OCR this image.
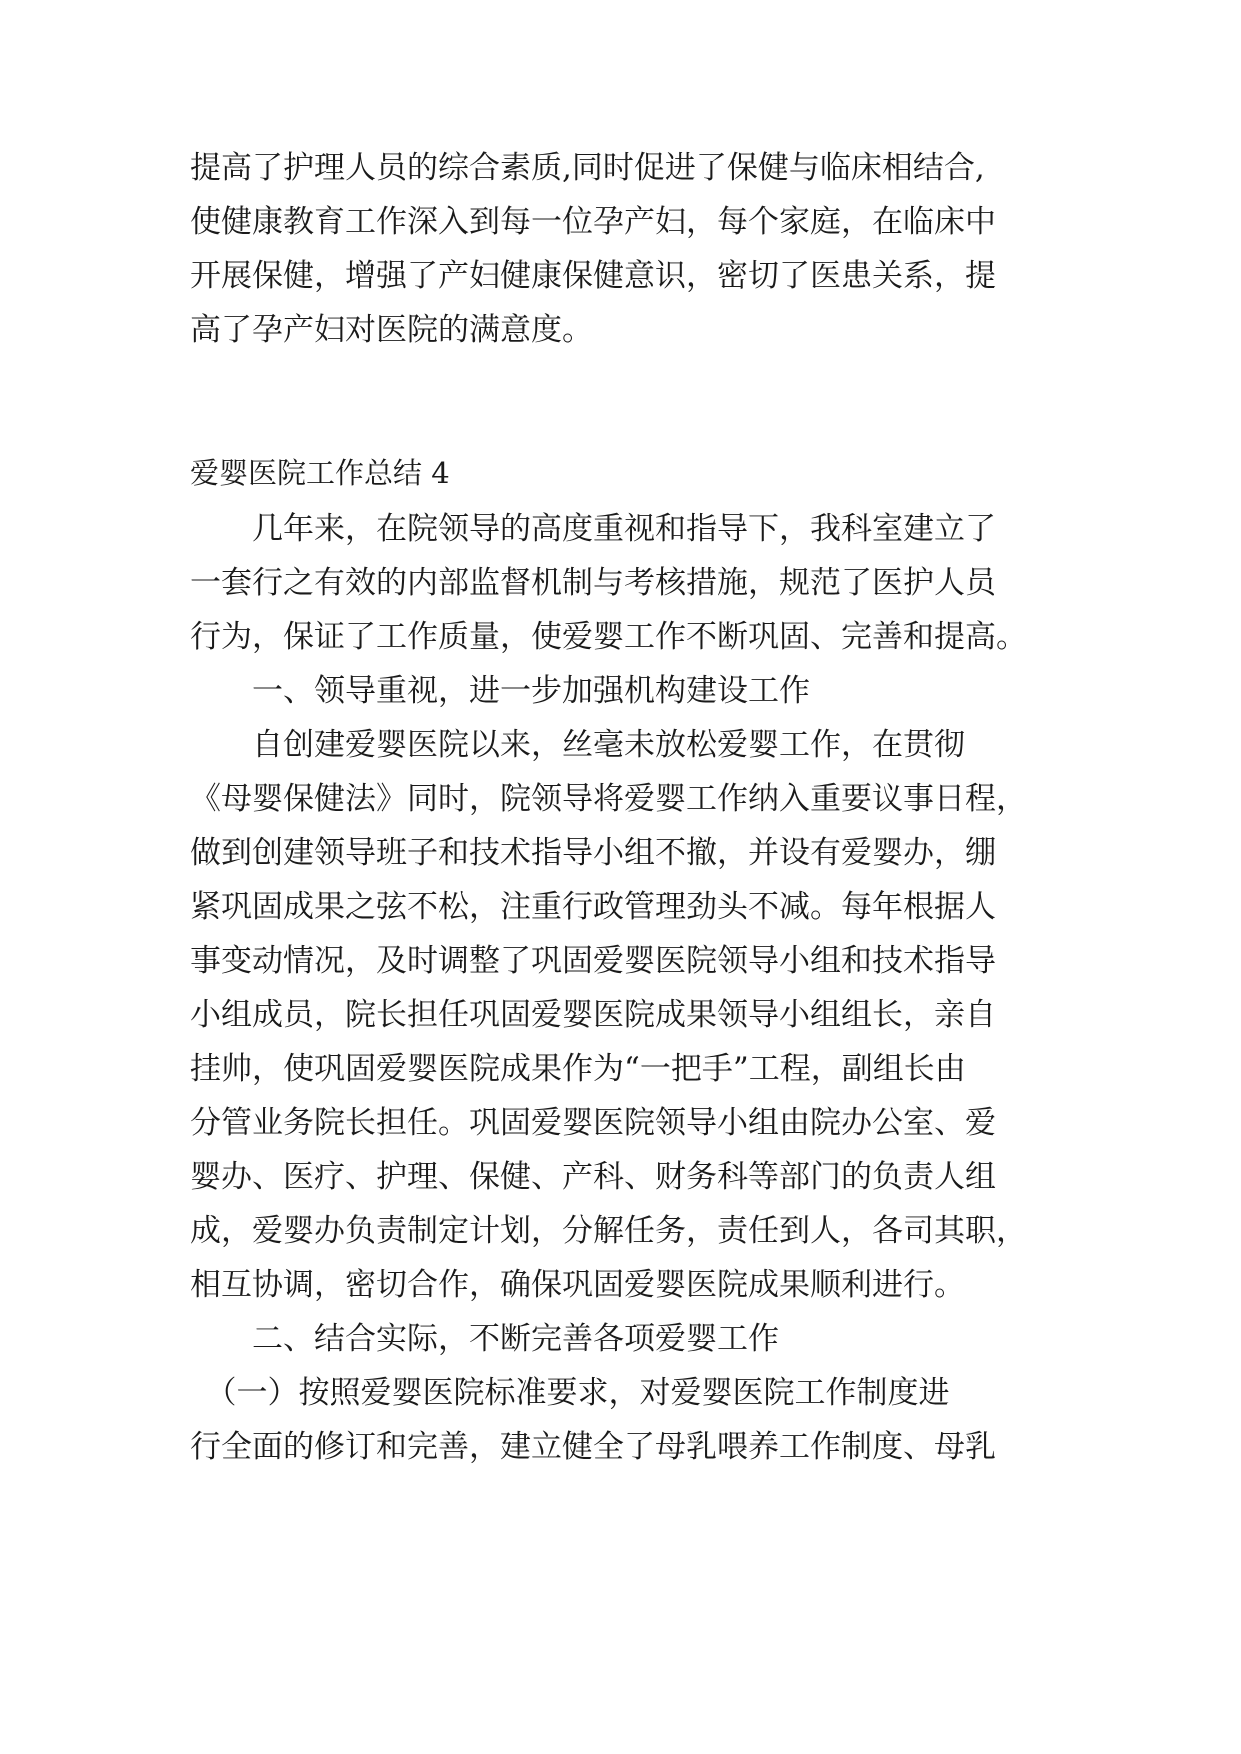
提高了护理人员的综合素质,同时促进了保健与临床相结合,
使健康教育工作深入到每一位孕产妇，每个家庭，在临床中
开展保健，增强了产妇健康保健意识，密切了医患关系，提
高了孕产妇对医院的满意度。
爱婴医院工作总结 4
　　几年来，在院领导的高度重视和指导下，我科室建立了
一套行之有效的内部监督机制与考核措施，规范了医护人员
行为，保证了工作质量，使爱婴工作不断巩固、完善和提高。
　　一、领导重视，进一步加强机构建设工作
　　自创建爱婴医院以来，丝毫未放松爱婴工作，在贯彻
《母婴保健法》同时，院领导将爱婴工作纳入重要议事日程，
做到创建领导班子和技术指导小组不撤，并设有爱婴办，绷
紧巩固成果之弦不松，注重行政管理劲头不减。每年根据人
事变动情况，及时调整了巩固爱婴医院领导小组和技术指导
小组成员，院长担任巩固爱婴医院成果领导小组组长，亲自
挂帅，使巩固爱婴医院成果作为“一把手”工程，副组长由
分管业务院长担任。巩固爱婴医院领导小组由院办公室、爱
婴办、医疗、护理、保健、产科、财务科等部门的负责人组
成，爱婴办负责制定计划，分解任务，责任到人，各司其职，
相互协调，密切合作，确保巩固爱婴医院成果顺利进行。
　　二、结合实际，不断完善各项爱婴工作
　（一）按照爱婴医院标准要求，对爱婴医院工作制度进
行全面的修订和完善，建立健全了母乳喂养工作制度、母乳
